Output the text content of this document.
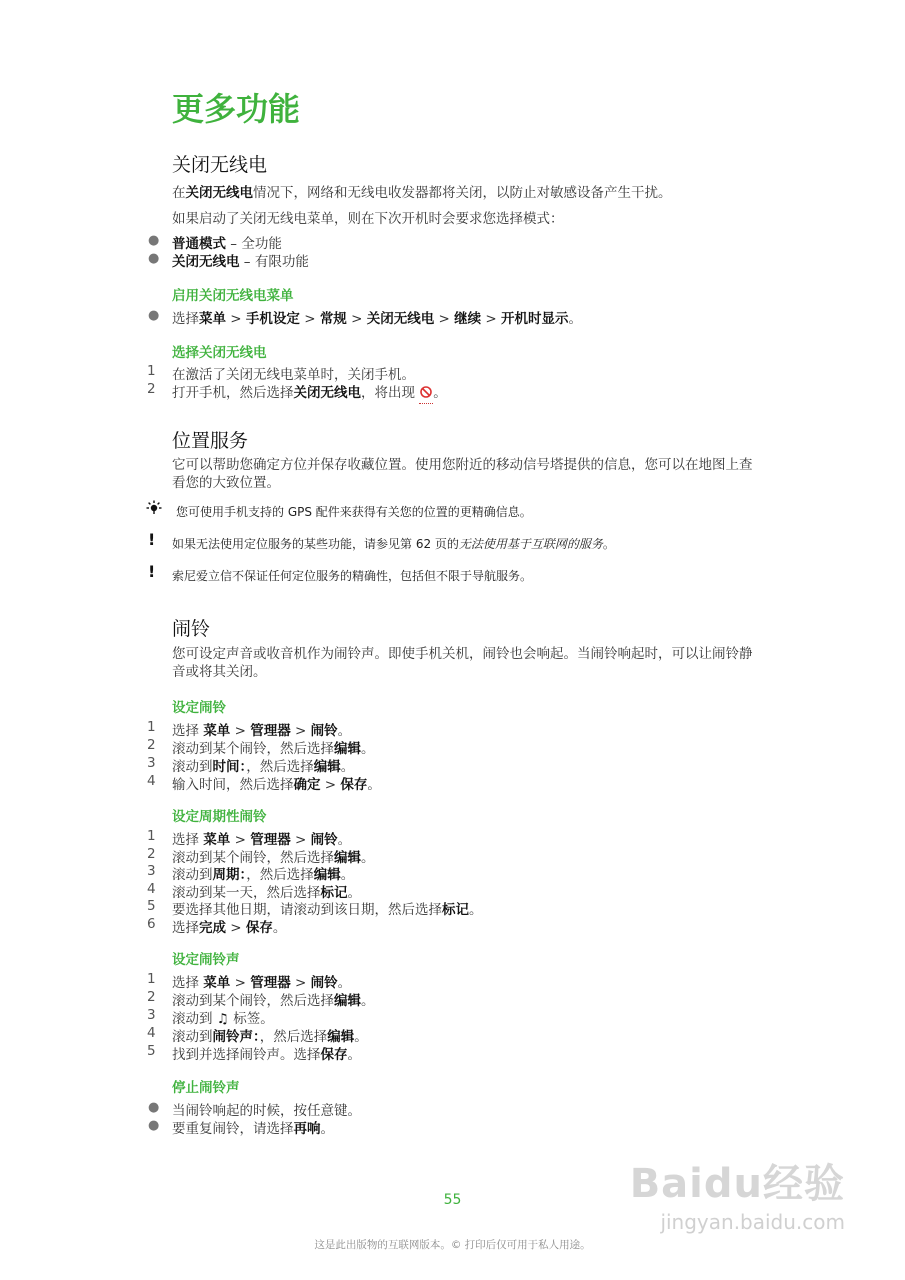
更多功能
关闭无线电
在关闭无线电情况下，网络和无线电收发器都将关闭，以防止对敏感设备产生干扰。
如果启动了关闭无线电菜单，则在下次开机时会要求您选择模式：
● 普通模式 – 全功能
● 关闭无线电 – 有限功能
启用关闭无线电菜单
● 选择菜单 > 手机设定 > 常规 > 关闭无线电 > 继续 > 开机时显示。
选择关闭无线电
1 在激活了关闭无线电菜单时，关闭手机。
2 打开手机，然后选择关闭无线电，将出现 。
位置服务
它可以帮助您确定方位并保存收藏位置。使用您附近的移动信号塔提供的信息，您可以在地图上查看您的大致位置。
您可使用手机支持的 GPS 配件来获得有关您的位置的更精确信息。
! 如果无法使用定位服务的某些功能，请参见第 62 页的无法使用基于互联网的服务。
! 索尼爱立信不保证任何定位服务的精确性，包括但不限于导航服务。
闹铃
您可设定声音或收音机作为闹铃声。即使手机关机，闹铃也会响起。当闹铃响起时，可以让闹铃静音或将其关闭。
设定闹铃
1 选择 菜单 > 管理器 > 闹铃。
2 滚动到某个闹铃，然后选择编辑。
3 滚动到时间：，然后选择编辑。
4 输入时间，然后选择确定 > 保存。
设定周期性闹铃
1 选择 菜单 > 管理器 > 闹铃。
2 滚动到某个闹铃，然后选择编辑。
3 滚动到周期：，然后选择编辑。
4 滚动到某一天，然后选择标记。
5 要选择其他日期，请滚动到该日期，然后选择标记。
6 选择完成 > 保存。
设定闹铃声
1 选择 菜单 > 管理器 > 闹铃。
2 滚动到某个闹铃，然后选择编辑。
3 滚动到 ♫ 标签。
4 滚动到闹铃声：，然后选择编辑。
5 找到并选择闹铃声。选择保存。
停止闹铃声
● 当闹铃响起的时候，按任意键。
● 要重复闹铃，请选择再响。
55
这是此出版物的互联网版本。© 打印后仅可用于私人用途。
Baidu经验
jingyan.baidu.com
